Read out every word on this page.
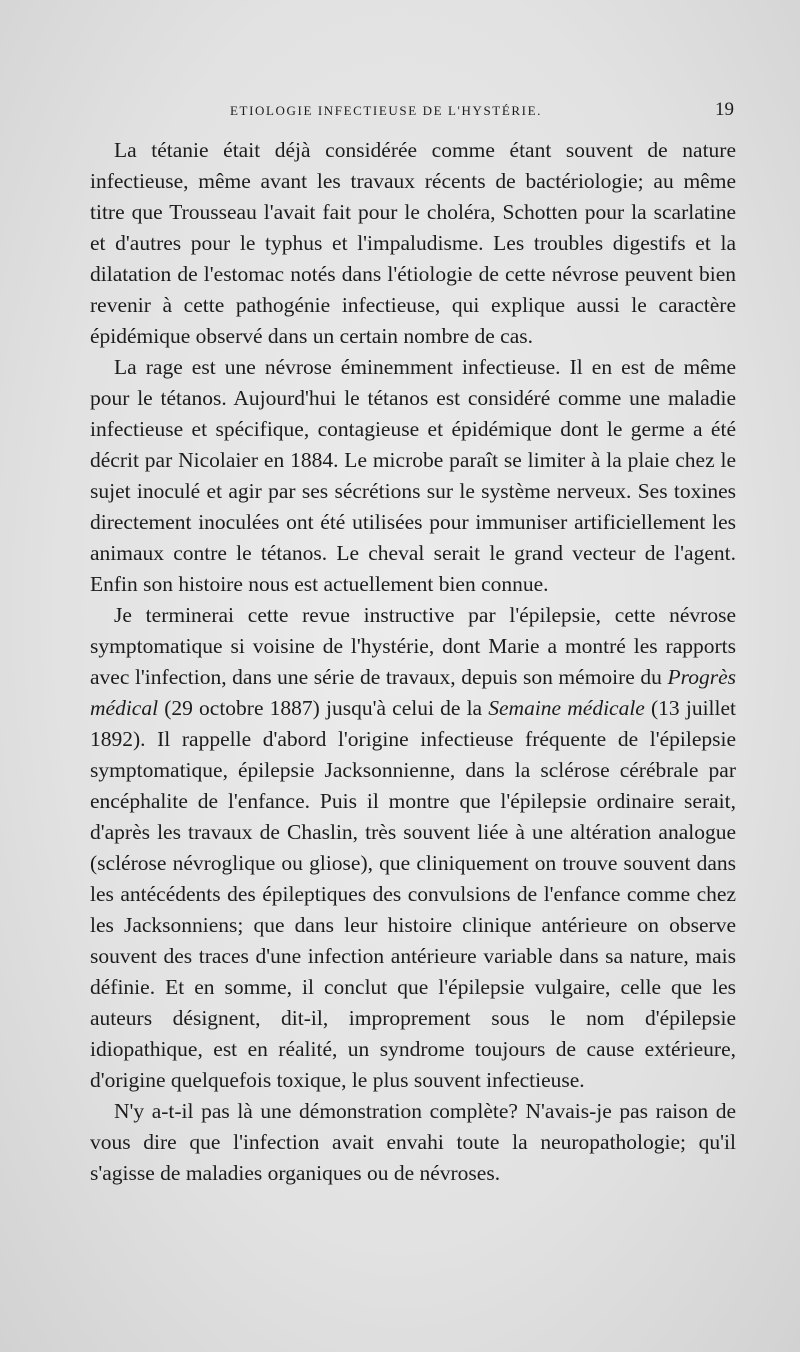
ETIOLOGIE INFECTIEUSE DE L'HYSTÉRIE.	19

La tétanie était déjà considérée comme étant souvent de nature infectieuse, même avant les travaux récents de bactériologie; au même titre que Trousseau l'avait fait pour le choléra, Schotten pour la scarlatine et d'autres pour le typhus et l'impaludisme. Les troubles digestifs et la dilatation de l'estomac notés dans l'étiologie de cette névrose peuvent bien revenir à cette pathogénie infectieuse, qui explique aussi le caractère épidémique observé dans un certain nombre de cas.

La rage est une névrose éminemment infectieuse. Il en est de même pour le tétanos. Aujourd'hui le tétanos est considéré comme une maladie infectieuse et spécifique, contagieuse et épidémique dont le germe a été décrit par Nicolaier en 1884. Le microbe paraît se limiter à la plaie chez le sujet inoculé et agir par ses sécrétions sur le système nerveux. Ses toxines directement inoculées ont été utilisées pour immuniser artificiellement les animaux contre le tétanos. Le cheval serait le grand vecteur de l'agent. Enfin son histoire nous est actuellement bien connue.

Je terminerai cette revue instructive par l'épilepsie, cette névrose symptomatique si voisine de l'hystérie, dont Marie a montré les rapports avec l'infection, dans une série de travaux, depuis son mémoire du Progrès médical (29 octobre 1887) jusqu'à celui de la Semaine médicale (13 juillet 1892). Il rappelle d'abord l'origine infectieuse fréquente de l'épilepsie symptomatique, épilepsie Jacksonnienne, dans la sclérose cérébrale par encéphalite de l'enfance. Puis il montre que l'épilepsie ordinaire serait, d'après les travaux de Chaslin, très souvent liée à une altération analogue (sclérose névroglique ou gliose), que cliniquement on trouve souvent dans les antécédents des épileptiques des convulsions de l'enfance comme chez les Jacksonniens; que dans leur histoire clinique antérieure on observe souvent des traces d'une infection antérieure variable dans sa nature, mais définie. Et en somme, il conclut que l'épilepsie vulgaire, celle que les auteurs désignent, dit-il, improprement sous le nom d'épilepsie idiopathique, est en réalité, un syndrome toujours de cause extérieure, d'origine quelquefois toxique, le plus souvent infectieuse.

N'y a-t-il pas là une démonstration complète? N'avais-je pas raison de vous dire que l'infection avait envahi toute la neuropathologie; qu'il s'agisse de maladies organiques ou de névroses.
